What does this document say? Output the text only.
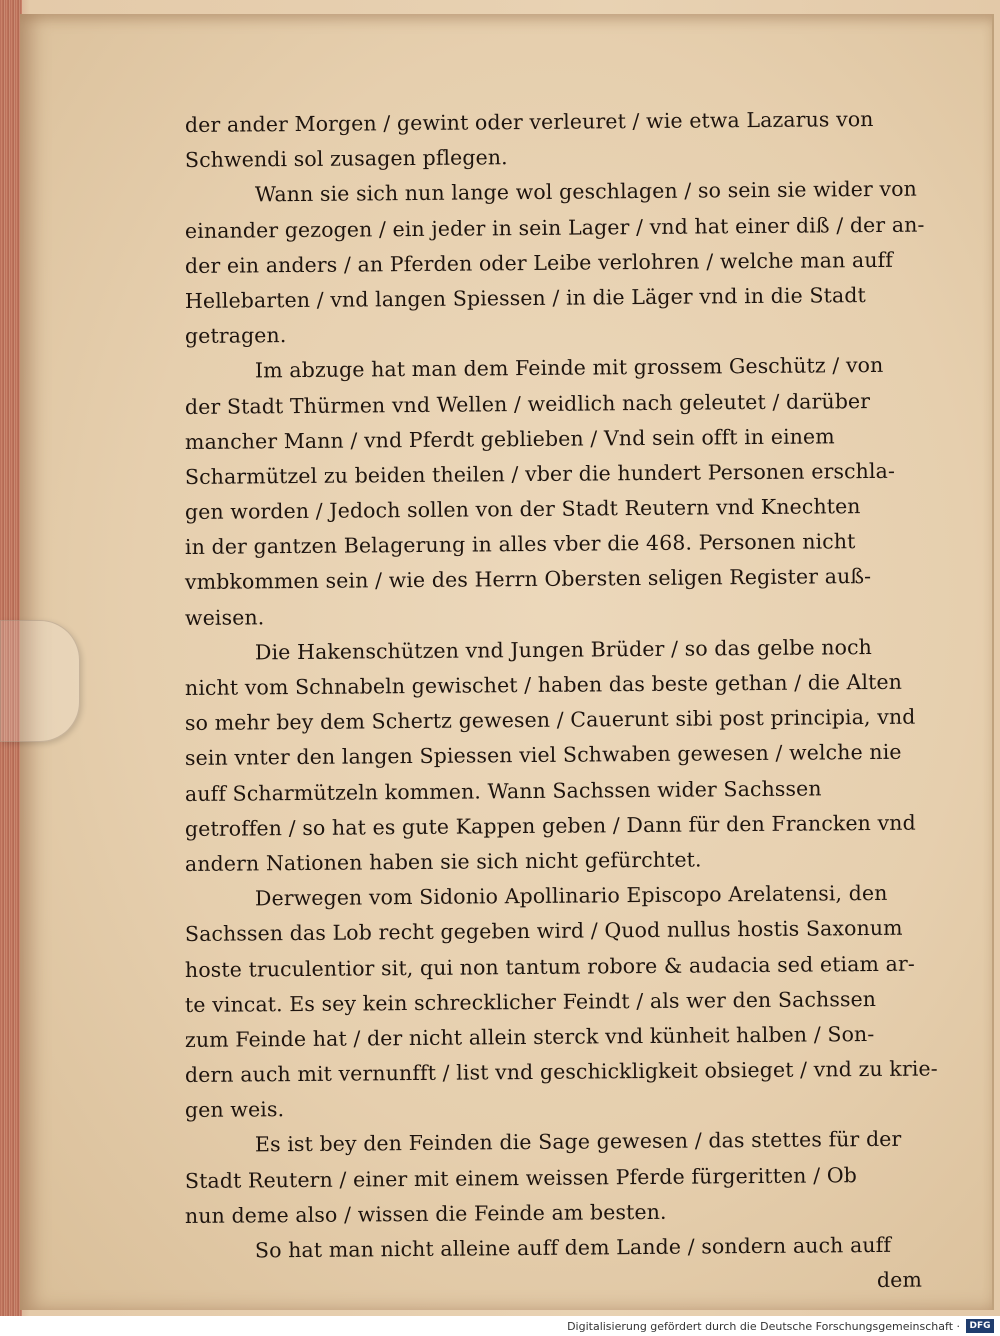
der ander Morgen / gewint oder verleuret / wie etwa Lazarus von
Schwendi sol zusagen pflegen.
Wann sie sich nun lange wol geschlagen / so sein sie wider von
einander gezogen / ein jeder in sein Lager / vnd hat einer diß / der an-
der ein anders / an Pferden oder Leibe verlohren / welche man auff
Hellebarten / vnd langen Spiessen / in die Läger vnd in die Stadt
getragen.
Im abzuge hat man dem Feinde mit grossem Geschütz / von
der Stadt Thürmen vnd Wellen / weidlich nach geleutet / darüber
mancher Mann / vnd Pferdt geblieben / Vnd sein offt in einem
Scharmützel zu beiden theilen / vber die hundert Personen erschla-
gen worden / Jedoch sollen von der Stadt Reutern vnd Knechten
in der gantzen Belagerung in alles vber die 468. Personen nicht
vmbkommen sein / wie des Herrn Obersten seligen Register auß-
weisen.
Die Hakenschützen vnd Jungen Brüder / so das gelbe noch
nicht vom Schnabeln gewischet / haben das beste gethan / die Alten
so mehr bey dem Schertz gewesen / Cauerunt sibi post principia, vnd
sein vnter den langen Spiessen viel Schwaben gewesen / welche nie
auff Scharmützeln kommen. Wann Sachssen wider Sachssen
getroffen / so hat es gute Kappen geben / Dann für den Francken vnd
andern Nationen haben sie sich nicht gefürchtet.
Derwegen vom Sidonio Apollinario Episcopo Arelatensi, den
Sachssen das Lob recht gegeben wird / Quod nullus hostis Saxonum
hoste truculentior sit, qui non tantum robore & audacia sed etiam ar-
te vincat. Es sey kein schrecklicher Feindt / als wer den Sachssen
zum Feinde hat / der nicht allein sterck vnd künheit halben / Son-
dern auch mit vernunfft / list vnd geschickligkeit obsieget / vnd zu krie-
gen weis.
Es ist bey den Feinden die Sage gewesen / das stettes für der
Stadt Reutern / einer mit einem weissen Pferde fürgeritten / Ob
nun deme also / wissen die Feinde am besten.
So hat man nicht alleine auff dem Lande / sondern auch auff
dem
Digitalisierung gefördert durch die Deutsche Forschungsgemeinschaft ·	DFG
